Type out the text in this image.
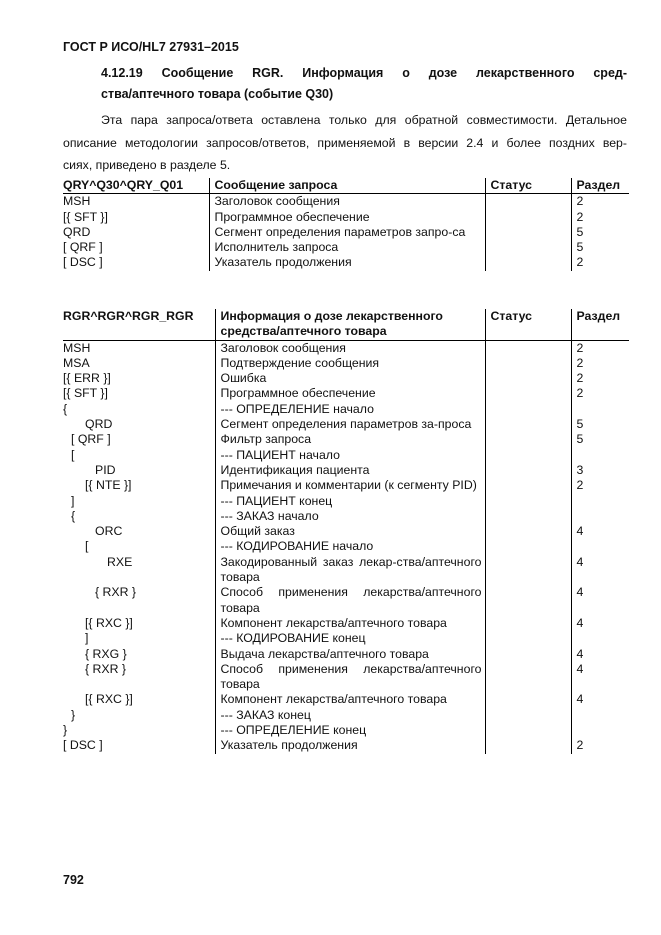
ГОСТ Р ИСО/HL7 27931–2015
4.12.19 Сообщение RGR. Информация о дозе лекарственного сред-
ства/аптечного товара (событие Q30)
Эта пара запроса/ответа оставлена только для обратной совместимости. Детальное
описание методологии запросов/ответов, применяемой в версии 2.4 и более поздних вер-
сиях, приведено в разделе 5.
QRY^Q30^QRY_Q01	Сообщение запроса	Статус	Раздел
MSH	Заголовок сообщения		2
[{ SFT }]	Программное обеспечение		2
QRD	Сегмент определения параметров запро-са		5
[ QRF ]	Исполнитель запроса		5
[ DSC ]	Указатель продолжения		2
RGR^RGR^RGR_RGR	Информация о дозе лекарственного средства/аптечного товара	Статус	Раздел
MSH	Заголовок сообщения		2
MSA	Подтверждение сообщения		2
[{ ERR }]	Ошибка		2
[{ SFT }]	Программное обеспечение		2
{	--- ОПРЕДЕЛЕНИЕ начало		
QRD	Сегмент определения параметров за-проса		5
[ QRF ]	Фильтр запроса		5
[	--- ПАЦИЕНТ начало		
PID	Идентификация пациента		3
[{ NTE }]	Примечания и комментарии (к сегменту PID)		2
]	--- ПАЦИЕНТ конец		
{	--- ЗАКАЗ начало		
ORC	Общий заказ		4
[	--- КОДИРОВАНИЕ начало		
RXE	Закодированный заказ лекар-ства/аптечного товара		4
{ RXR }	Способ применения лекарства/аптечного товара		4
[{ RXC }]	Компонент лекарства/аптечного товара		4
]	--- КОДИРОВАНИЕ конец		
{ RXG }	Выдача лекарства/аптечного товара		4
{ RXR }	Способ применения лекарства/аптечного товара		4
[{ RXC }]	Компонент лекарства/аптечного товара		4
}	--- ЗАКАЗ конец		
}	--- ОПРЕДЕЛЕНИЕ конец		
[ DSC ]	Указатель продолжения		2
792
